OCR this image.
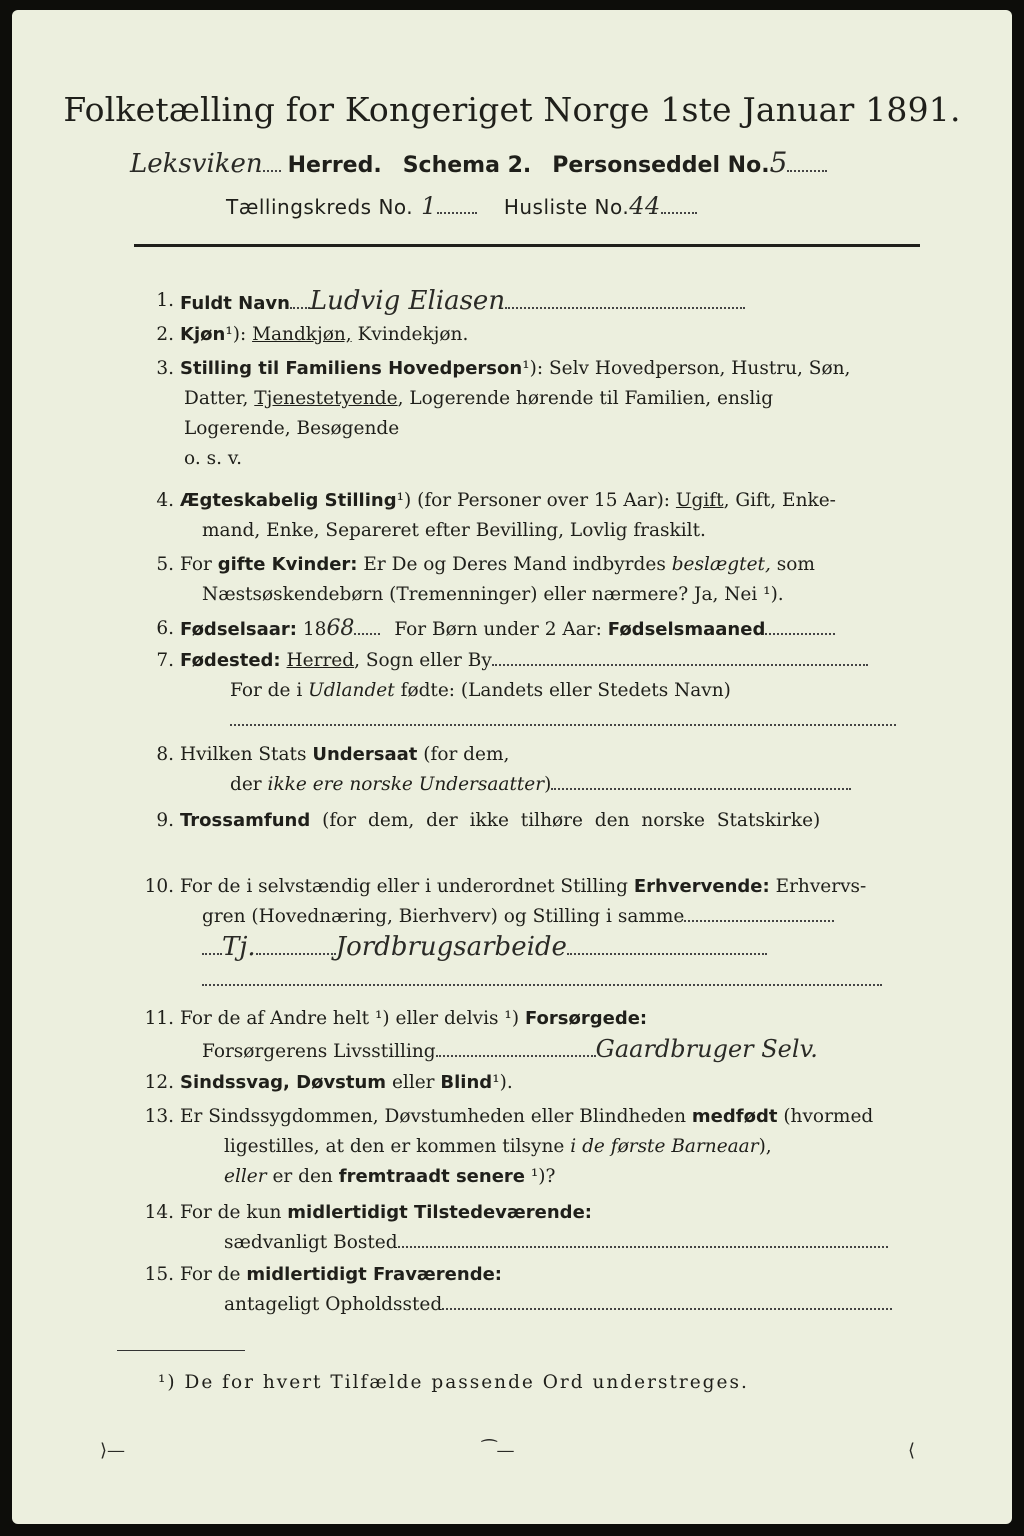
Folketælling for Kongeriget Norge 1ste Januar 1891.
Leksviken Herred. Schema 2. Personseddel No.5
Tællingskreds No. 1	Husliste No.44
1. Fuldt Navn Ludvig Eliasen
2. Kjøn¹): Mandkjøn, Kvindekjøn.
3. Stilling til Familiens Hovedperson¹): Selv Hovedperson, Hustru, Søn,
Datter, Tjenestetyende, Logerende hørende til Familien, enslig
Logerende, Besøgende
o. s. v.
4. Ægteskabelig Stilling¹) (for Personer over 15 Aar): Ugift, Gift, Enke-
mand, Enke, Separeret efter Bevilling, Lovlig fraskilt.
5. For gifte Kvinder: Er De og Deres Mand indbyrdes beslægtet, som
Næstsøskendebørn (Tremenninger) eller nærmere? Ja, Nei ¹).
6. Fødselsaar: 1868 For Børn under 2 Aar: Fødselsmaaned
7. Fødested: Herred, Sogn eller By
For de i Udlandet fødte: (Landets eller Stedets Navn)
8. Hvilken Stats Undersaat (for dem,
der ikke ere norske Undersaatter)
9. Trossamfund (for dem, der ikke tilhøre den norske Statskirke)
10. For de i selvstændig eller i underordnet Stilling Erhvervende: Erhvervs-
gren (Hovednæring, Bierhverv) og Stilling i samme
Tj.	Jordbrugsarbeide
11. For de af Andre helt ¹) eller delvis ¹) Forsørgede:
Forsørgerens Livsstilling	Gaardbruger Selv.
12. Sindssvag, Døvstum eller Blind¹).
13. Er Sindssygdommen, Døvstumheden eller Blindheden medfødt (hvormed
ligestilles, at den er kommen tilsyne i de første Barneaar),
eller er den fremtraadt senere ¹)?
14. For de kun midlertidigt Tilstedeværende:
sædvanligt Bosted
15. For de midlertidigt Fraværende:
antageligt Opholdssted
¹) De for hvert Tilfælde passende Ord understreges.
⟩—	⁀—	⟨
